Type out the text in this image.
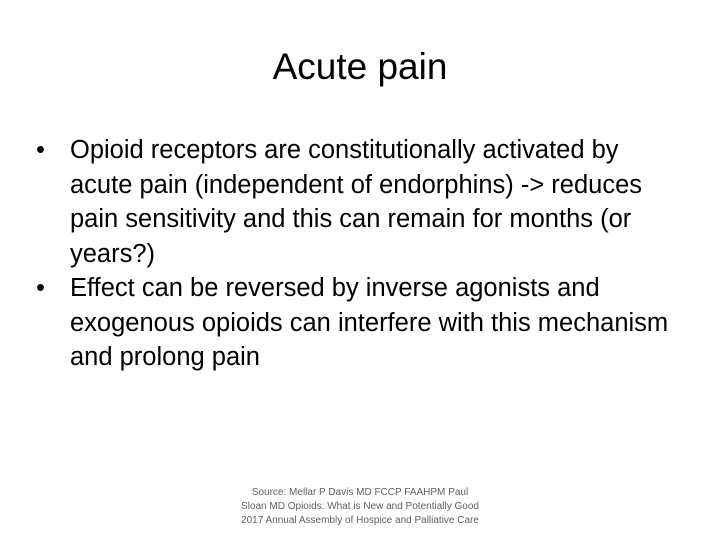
Acute pain
• Opioid receptors are constitutionally activated by acute pain (independent of endorphins) -> reduces pain sensitivity and this can remain for months (or years?)
• Effect can be reversed by inverse agonists and exogenous opioids can interfere with this mechanism and prolong pain
Source: Mellar P Davis MD FCCP FAAHPM Paul Sloan MD Opioids: What is New and Potentially Good 2017 Annual Assembly of Hospice and Palliative Care
